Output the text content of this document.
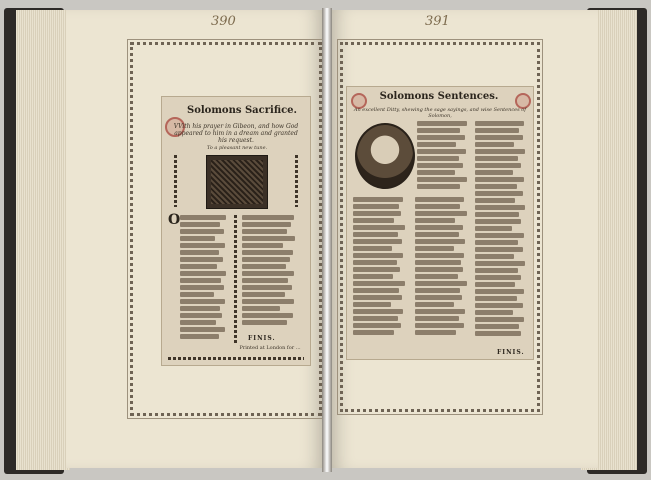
390
Solomons Sacrifice.
VVith his prayer in Gibeon, and how God appeared to him in a dream and granted his request.
To a pleasant new tune.
O
FINIS.
Printed at London for ...
391
Solomons Sentences.
An excellent Ditty, shewing the sage sayings, and wise Sentences of Solomon,
FINIS.
